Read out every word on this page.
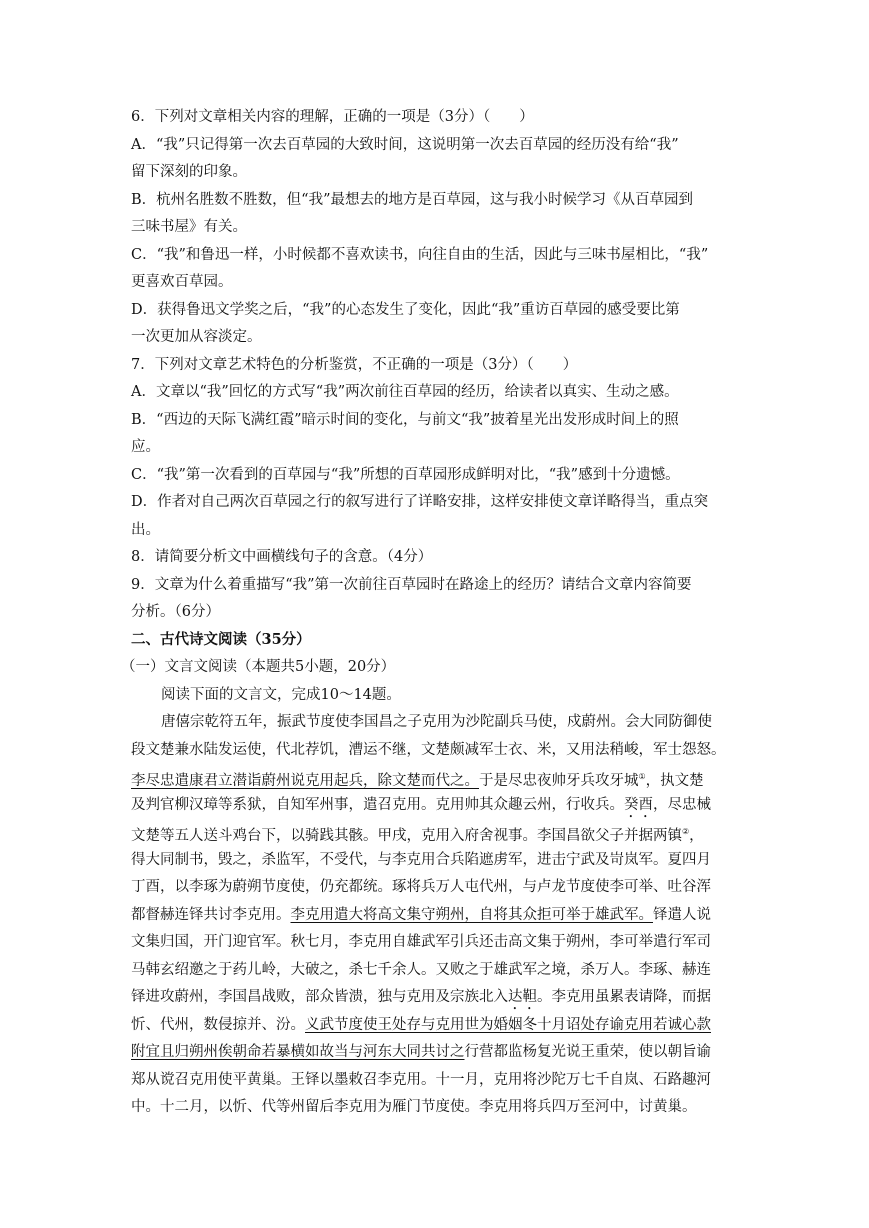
6．下列对文章相关内容的理解，正确的一项是（3分）（　　）
A．“我”只记得第一次去百草园的大致时间，这说明第一次去百草园的经历没有给“我”
留下深刻的印象。
B．杭州名胜数不胜数，但“我”最想去的地方是百草园，这与我小时候学习《从百草园到
三味书屋》有关。
C．“我”和鲁迅一样，小时候都不喜欢读书，向往自由的生活，因此与三味书屋相比，“我”
更喜欢百草园。
D．获得鲁迅文学奖之后，“我”的心态发生了变化，因此“我”重访百草园的感受要比第
一次更加从容淡定。
7．下列对文章艺术特色的分析鉴赏，不正确的一项是（3分）（　　）
A．文章以“我”回忆的方式写“我”两次前往百草园的经历，给读者以真实、生动之感。
B．“西边的天际飞满红霞”暗示时间的变化，与前文“我”披着星光出发形成时间上的照
应。
C．“我”第一次看到的百草园与“我”所想的百草园形成鲜明对比，“我”感到十分遗憾。
D．作者对自己两次百草园之行的叙写进行了详略安排，这样安排使文章详略得当，重点突
出。
8．请简要分析文中画横线句子的含意。（4分）
9．文章为什么着重描写“我”第一次前往百草园时在路途上的经历？请结合文章内容简要
分析。（6分）
二、古代诗文阅读（35分）
（一）文言文阅读（本题共5小题，20分）
阅读下面的文言文，完成10～14题。
唐僖宗乾符五年，振武节度使李国昌之子克用为沙陀副兵马使，戍蔚州。会大同防御使
段文楚兼水陆发运使，代北荐饥，漕运不继，文楚颇减军士衣、米，又用法稍峻，军士怨怒。
李尽忠遣康君立潜诣蔚州说克用起兵，除文楚而代之。于是尽忠夜帅牙兵攻牙城①，执文楚
及判官柳汉璋等系狱，自知军州事，遣召克用。克用帅其众趣云州，行收兵。癸酉，尽忠械
文楚等五人送斗鸡台下，以骑践其骸。甲戌，克用入府舍视事。李国昌欲父子并据两镇②，
得大同制书，毁之，杀监军，不受代，与李克用合兵陷遮虏军，进击宁武及岢岚军。夏四月
丁酉，以李琢为蔚朔节度使，仍充都统。琢将兵万人屯代州，与卢龙节度使李可举、吐谷浑
都督赫连铎共讨李克用。李克用遣大将高文集守朔州，自将其众拒可举于雄武军。铎遣人说
文集归国，开门迎官军。秋七月，李克用自雄武军引兵还击高文集于朔州，李可举遣行军司
马韩玄绍邀之于药儿岭，大破之，杀七千余人。又败之于雄武军之境，杀万人。李琢、赫连
铎进攻蔚州，李国昌战败，部众皆溃，独与克用及宗族北入达靼。李克用虽累表请降，而据
忻、代州，数侵掠并、汾。义武节度使王处存与克用世为婚姻冬十月诏处存谕克用若诚心款
附宜且归朔州俟朝命若暴横如故当与河东大同共讨之行营都监杨复光说王重荣，使以朝旨谕
郑从谠召克用使平黄巢。王铎以墨敕召李克用。十一月，克用将沙陀万七千自岚、石路趣河
中。十二月，以忻、代等州留后李克用为雁门节度使。李克用将兵四万至河中，讨黄巢。
